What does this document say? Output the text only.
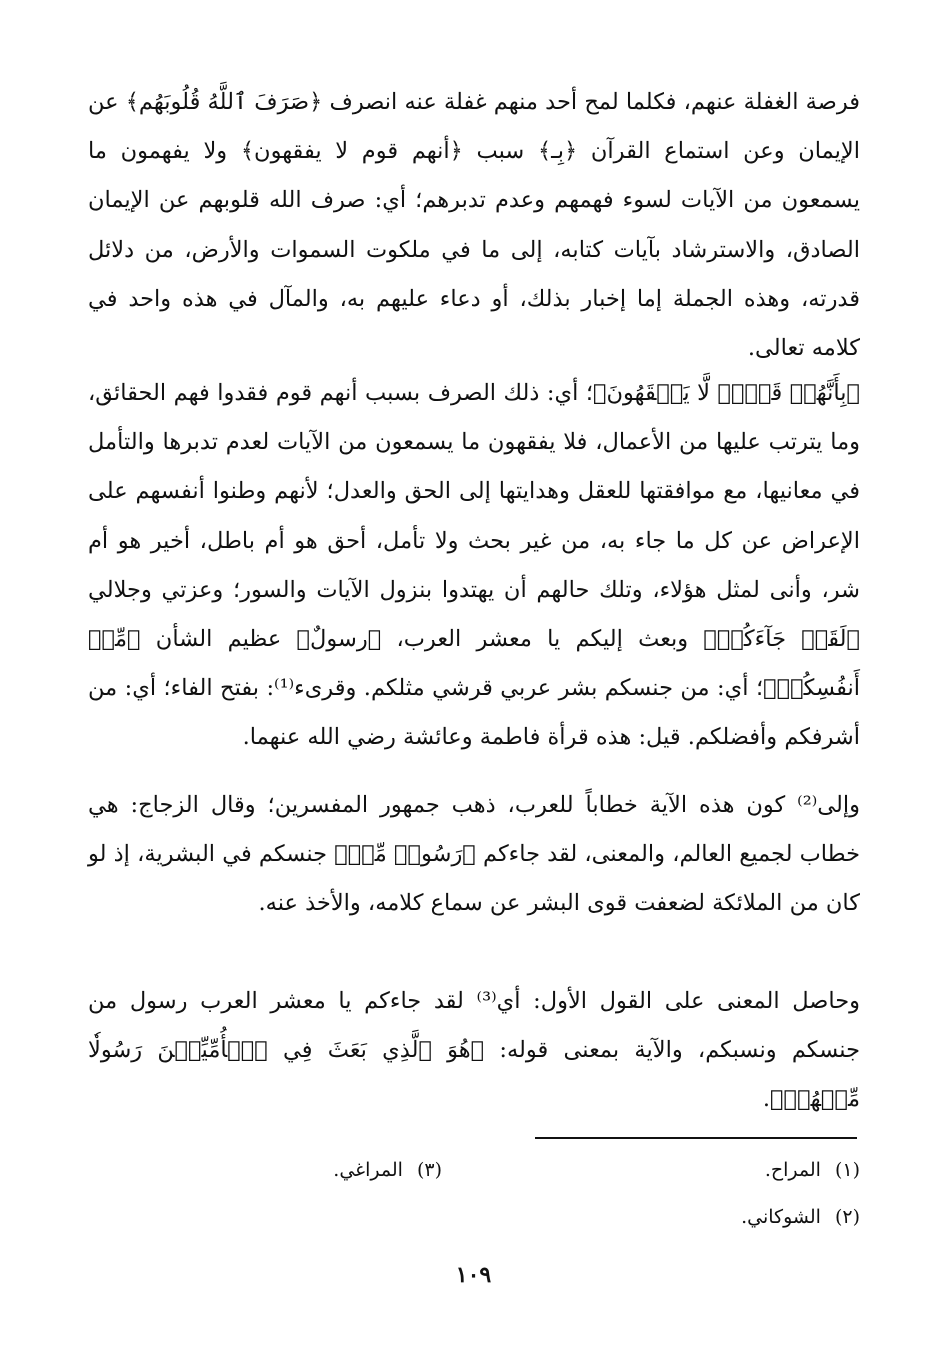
فرصة الغفلة عنهم، فكلما لمح أحد منهم غفلة عنه انصرف ﴿صَرَفَ ٱللَّهُ قُلُوبَهُم﴾ عن الإيمان وعن استماع القرآن ﴿بِـ﴾ سبب ﴿أنهم قوم لا يفقهون﴾ ولا يفهمون ما يسمعون من الآيات لسوء فهمهم وعدم تدبرهم؛ أي: صرف الله قلوبهم عن الإيمان الصادق، والاسترشاد بآيات كتابه، إلى ما في ملكوت السموات والأرض، من دلائل قدرته، وهذه الجملة إما إخبار بذلك، أو دعاء عليهم به، والمآل في هذه واحد في كلامه تعالى.

﴿بِأَنَّهُمۡ قَوۡمٞ لَّا يَفۡقَهُونَ﴾؛ أي: ذلك الصرف بسبب أنهم قوم فقدوا فهم الحقائق، وما يترتب عليها من الأعمال، فلا يفقهون ما يسمعون من الآيات لعدم تدبرها والتأمل في معانيها، مع موافقتها للعقل وهدايتها إلى الحق والعدل؛ لأنهم وطنوا أنفسهم على الإعراض عن كل ما جاء به، من غير بحث ولا تأمل، أحق هو أم باطل، أخير هو أم شر، وأنى لمثل هؤلاء، وتلك حالهم أن يهتدوا بنزول الآيات والسور؛ وعزتي وجلالي ﴿لَقَدۡ جَآءَكُمۡ﴾ وبعث إليكم يا معشر العرب، ﴿رسولٌ﴾ عظيم الشأن ﴿مِّنۡ أَنفُسِكُمۡ﴾؛ أي: من جنسكم بشر عربي قرشي مثلكم. وقرىء⁽¹⁾: بفتح الفاء؛ أي: من أشرفكم وأفضلكم. قيل: هذه قرأة فاطمة وعائشة رضي الله عنهما.

وإلى⁽²⁾ كون هذه الآية خطاباً للعرب، ذهب جمهور المفسرين؛ وقال الزجاج: هي خطاب لجميع العالم، والمعنى، لقد جاءكم ﴿رَسُولٞ مِّنۡ﴾ جنسكم في البشرية، إذ لو كان من الملائكة لضعفت قوى البشر عن سماع كلامه، والأخذ عنه.

وحاصل المعنى على القول الأول: أي⁽³⁾ لقد جاءكم يا معشر العرب رسول من جنسكم ونسبكم، والآية بمعنى قوله: ﴿هُوَ ٱلَّذِي بَعَثَ فِي ٱلۡأُمِّيِّـۧنَ رَسُولٗا مِّنۡهُمۡ﴾.

(١)المراح.
(٣)المراغي.
(٢)الشوكاني.
١٠٩
